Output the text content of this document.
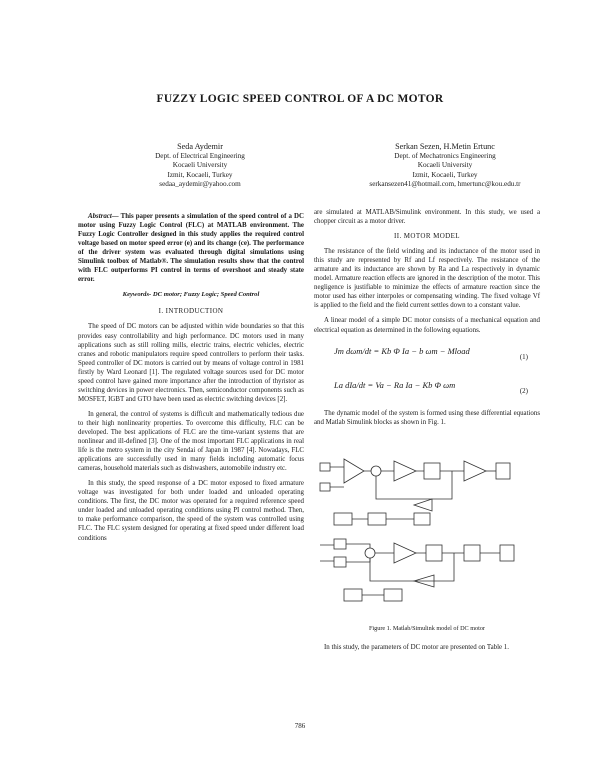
FUZZY LOGIC SPEED CONTROL OF A DC MOTOR
Seda Aydemir
Dept. of Electrical Engineering
Kocaeli University
Izmit, Kocaeli, Turkey
sedaa_aydemir@yahoo.com
Serkan Sezen, H.Metin Ertunc
Dept. of Mechatronics Engineering
Kocaeli University
Izmit, Kocaeli, Turkey
serkansezen41@hotmail.com, hmertunc@kou.edu.tr

Abstract— This paper presents a simulation of the speed control of a DC motor using Fuzzy Logic Control (FLC) at MATLAB environment. The Fuzzy Logic Controller designed in this study applies the required control voltage based on motor speed error (e) and its change (ce). The performance of the driver system was evaluated through digital simulations using Simulink toolbox of Matlab®. The simulation results show that the control with FLC outperforms PI control in terms of overshoot and steady state error.

Keywords- DC motor; Fuzzy Logic; Speed Control
I. INTRODUCTION

The speed of DC motors can be adjusted within wide boundaries so that this provides easy controllability and high performance. DC motors used in many applications such as still rolling mills, electric trains, electric vehicles, electric cranes and robotic manipulators require speed controllers to perform their tasks. Speed controller of DC motors is carried out by means of voltage control in 1981 firstly by Ward Leonard [1]. The regulated voltage sources used for DC motor speed control have gained more importance after the introduction of thyristor as switching devices in power electronics. Then, semiconductor components such as MOSFET, IGBT and GTO have been used as electric switching devices [2].

In general, the control of systems is difficult and mathematically tedious due to their high nonlinearity properties. To overcome this difficulty, FLC can be developed. The best applications of FLC are the time-variant systems that are nonlinear and ill-defined [3]. One of the most important FLC applications in real life is the metro system in the city Sendai of Japan in 1987 [4]. Nowadays, FLC applications are successfully used in many fields including automatic focus cameras, household materials such as dishwashers, automobile industry etc.

In this study, the speed response of a DC motor exposed to fixed armature voltage was investigated for both under loaded and unloaded operating conditions. The first, the DC motor was operated for a required reference speed under loaded and unloaded operating conditions using PI control method. Then, to make performance comparison, the speed of the system was controlled using FLC. The FLC system designed for operating at fixed speed under different load conditions

are simulated at MATLAB/Simulink environment. In this study, we used a chopper circuit as a motor driver.

II. MOTOR MODEL

The resistance of the field winding and its inductance of the motor used in this study are represented by Rf and Lf respectively. The resistance of the armature and its inductance are shown by Ra and La respectively in dynamic model. Armature reaction effects are ignored in the description of the motor. This negligence is justifiable to minimize the effects of armature reaction since the motor used has either interpoles or compensating winding. The fixed voltage Vf is applied to the field and the field current settles down to a constant value.

A linear model of a simple DC motor consists of a mechanical equation and electrical equation as determined in the following equations.

Jm dωm/dt = Kb Φ Ia − b ωm − Mload
(1)
La dIa/dt = Va − Ra Ia − Kb Φ ωm
(2)

The dynamic model of the system is formed using these differential equations and Matlab Simulink blocks as shown in Fig. 1.

Figure 1. Matlab/Simulink model of DC motor

In this study, the parameters of DC motor are presented on Table 1.

786
